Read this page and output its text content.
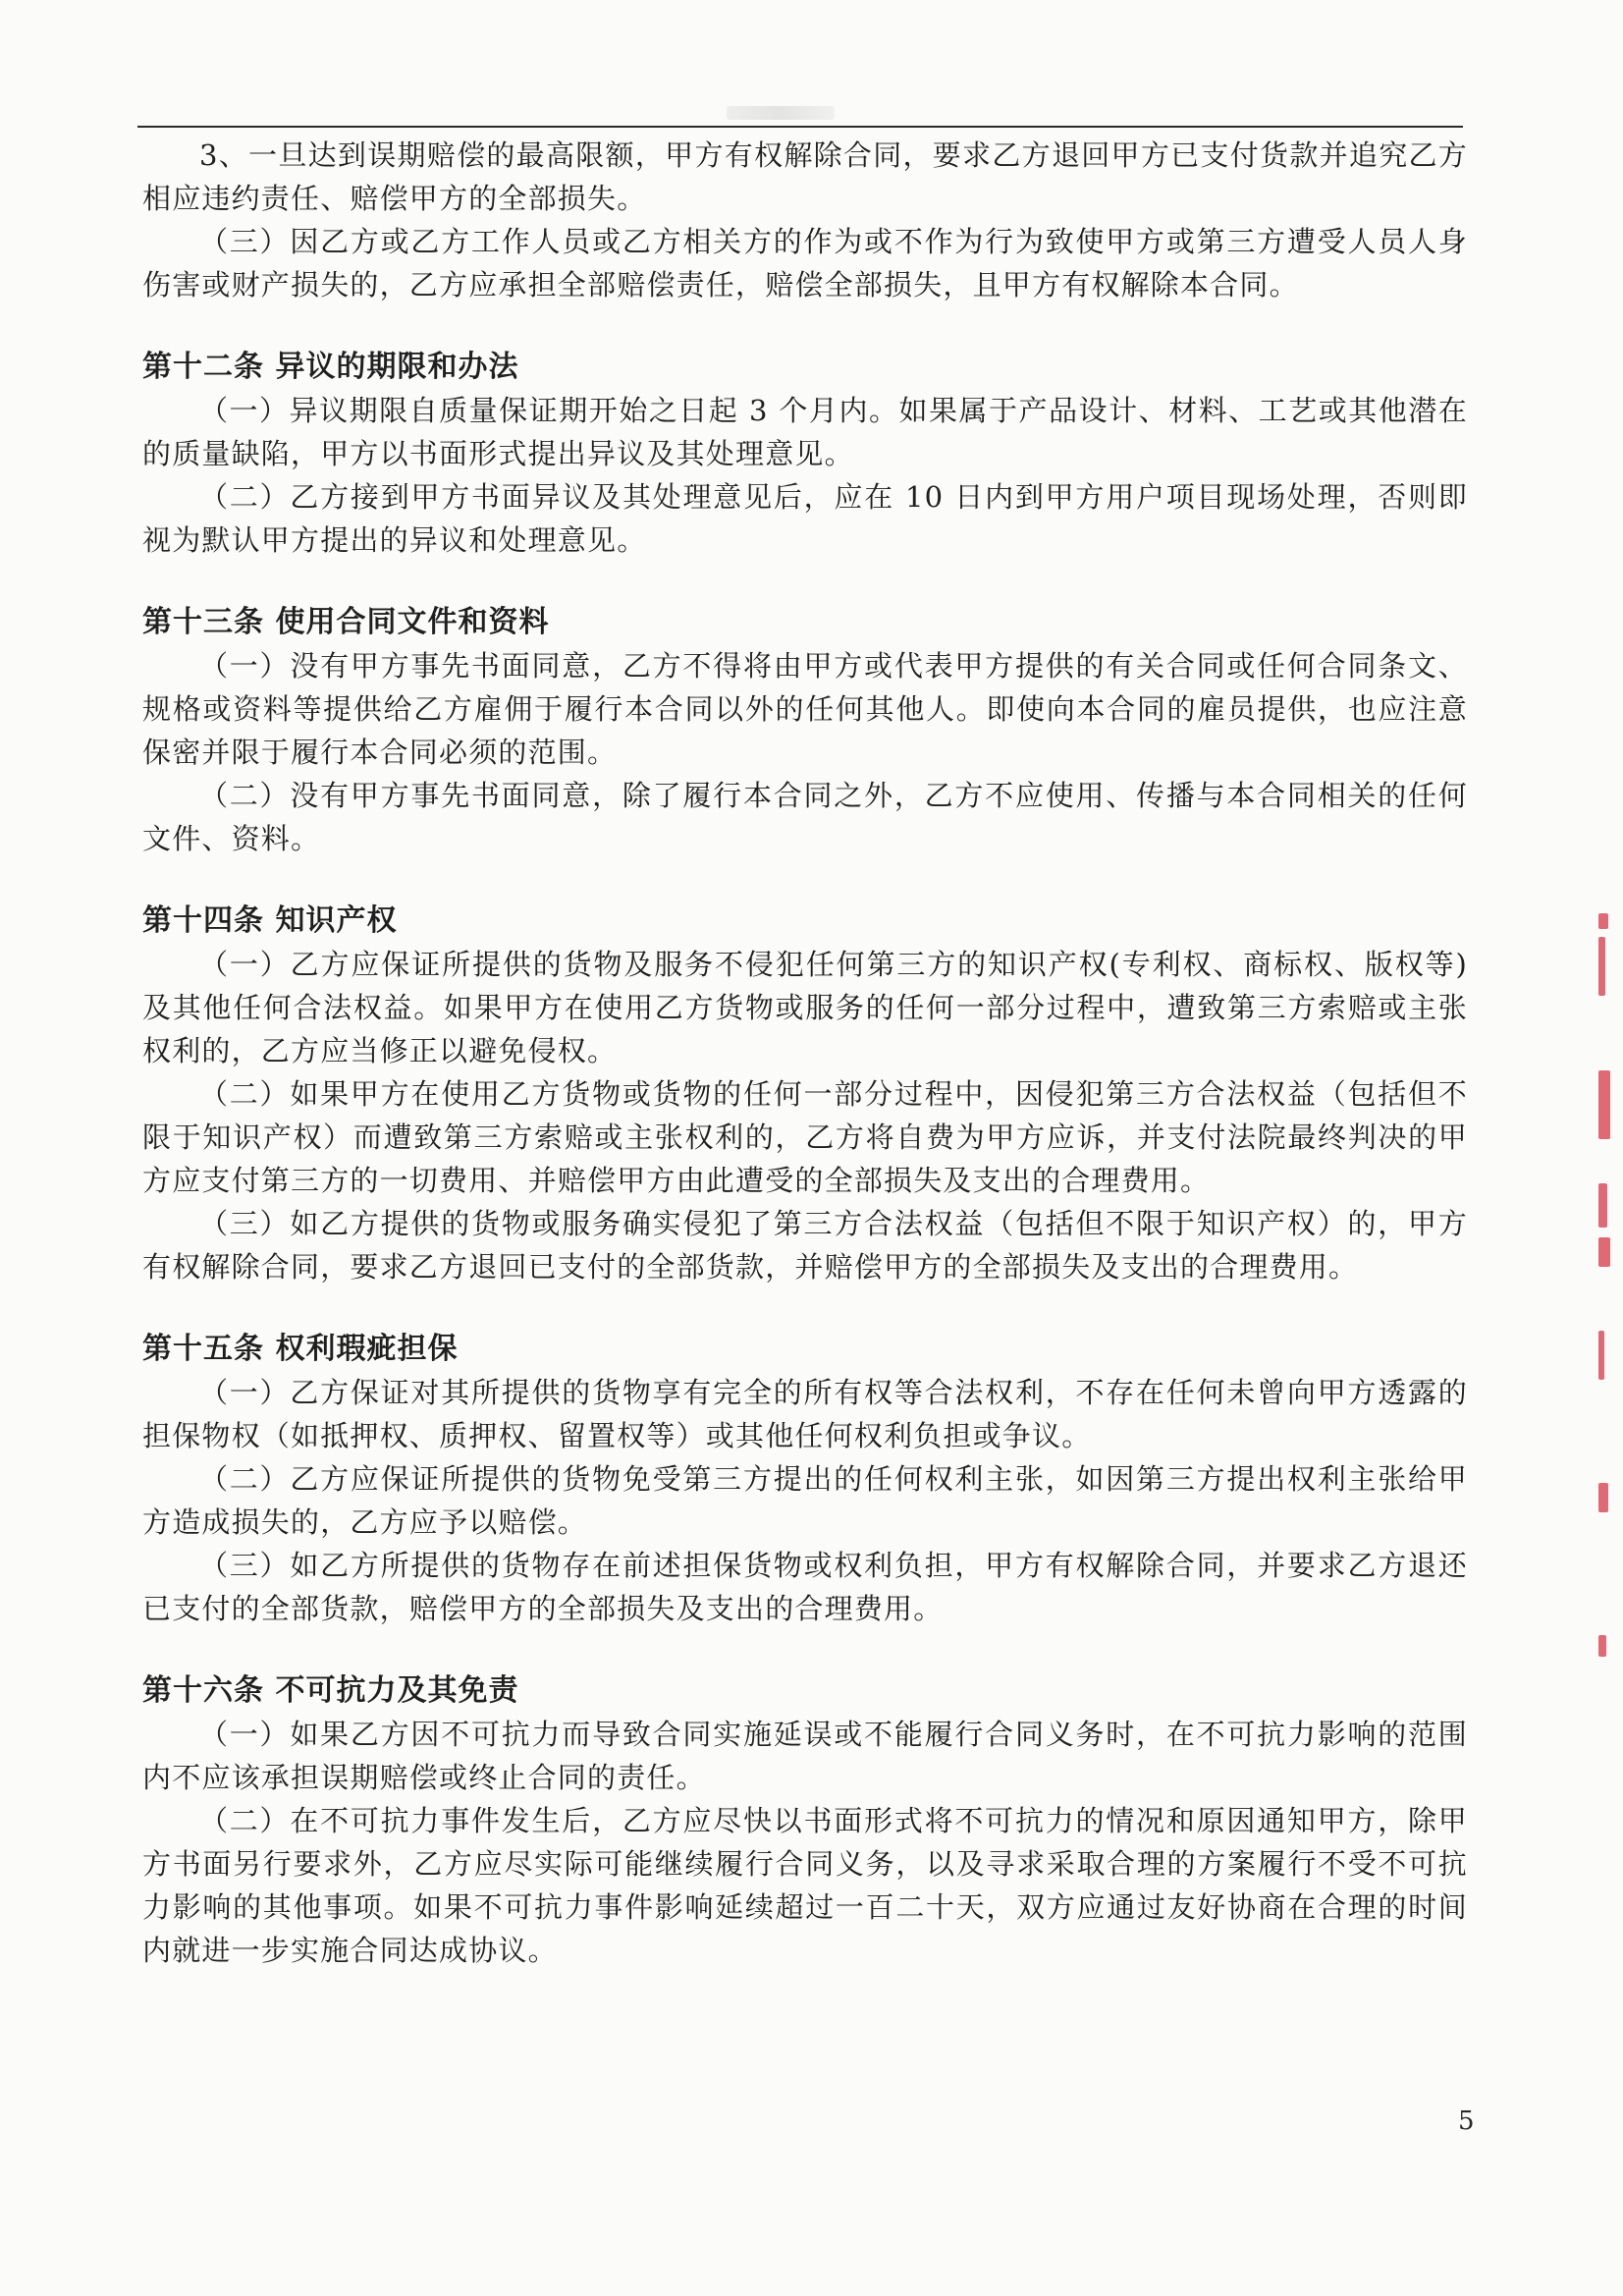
3、一旦达到误期赔偿的最高限额，甲方有权解除合同，要求乙方退回甲方已支付货款并追究乙方相应违约责任、赔偿甲方的全部损失。

（三）因乙方或乙方工作人员或乙方相关方的作为或不作为行为致使甲方或第三方遭受人员人身伤害或财产损失的，乙方应承担全部赔偿责任，赔偿全部损失，且甲方有权解除本合同。

第十二条 异议的期限和办法

（一）异议期限自质量保证期开始之日起 3 个月内。如果属于产品设计、材料、工艺或其他潜在的质量缺陷，甲方以书面形式提出异议及其处理意见。

（二）乙方接到甲方书面异议及其处理意见后，应在 10 日内到甲方用户项目现场处理，否则即视为默认甲方提出的异议和处理意见。

第十三条 使用合同文件和资料

（一）没有甲方事先书面同意，乙方不得将由甲方或代表甲方提供的有关合同或任何合同条文、规格或资料等提供给乙方雇佣于履行本合同以外的任何其他人。即使向本合同的雇员提供，也应注意保密并限于履行本合同必须的范围。

（二）没有甲方事先书面同意，除了履行本合同之外，乙方不应使用、传播与本合同相关的任何文件、资料。

第十四条 知识产权

（一）乙方应保证所提供的货物及服务不侵犯任何第三方的知识产权(专利权、商标权、版权等)及其他任何合法权益。如果甲方在使用乙方货物或服务的任何一部分过程中，遭致第三方索赔或主张权利的，乙方应当修正以避免侵权。

（二）如果甲方在使用乙方货物或货物的任何一部分过程中，因侵犯第三方合法权益（包括但不限于知识产权）而遭致第三方索赔或主张权利的，乙方将自费为甲方应诉，并支付法院最终判决的甲方应支付第三方的一切费用、并赔偿甲方由此遭受的全部损失及支出的合理费用。

（三）如乙方提供的货物或服务确实侵犯了第三方合法权益（包括但不限于知识产权）的，甲方有权解除合同，要求乙方退回已支付的全部货款，并赔偿甲方的全部损失及支出的合理费用。

第十五条 权利瑕疵担保

（一）乙方保证对其所提供的货物享有完全的所有权等合法权利，不存在任何未曾向甲方透露的担保物权（如抵押权、质押权、留置权等）或其他任何权利负担或争议。

（二）乙方应保证所提供的货物免受第三方提出的任何权利主张，如因第三方提出权利主张给甲方造成损失的，乙方应予以赔偿。

（三）如乙方所提供的货物存在前述担保货物或权利负担，甲方有权解除合同，并要求乙方退还已支付的全部货款，赔偿甲方的全部损失及支出的合理费用。

第十六条 不可抗力及其免责

（一）如果乙方因不可抗力而导致合同实施延误或不能履行合同义务时，在不可抗力影响的范围内不应该承担误期赔偿或终止合同的责任。

（二）在不可抗力事件发生后，乙方应尽快以书面形式将不可抗力的情况和原因通知甲方，除甲方书面另行要求外，乙方应尽实际可能继续履行合同义务，以及寻求采取合理的方案履行不受不可抗力影响的其他事项。如果不可抗力事件影响延续超过一百二十天，双方应通过友好协商在合理的时间内就进一步实施合同达成协议。

5
